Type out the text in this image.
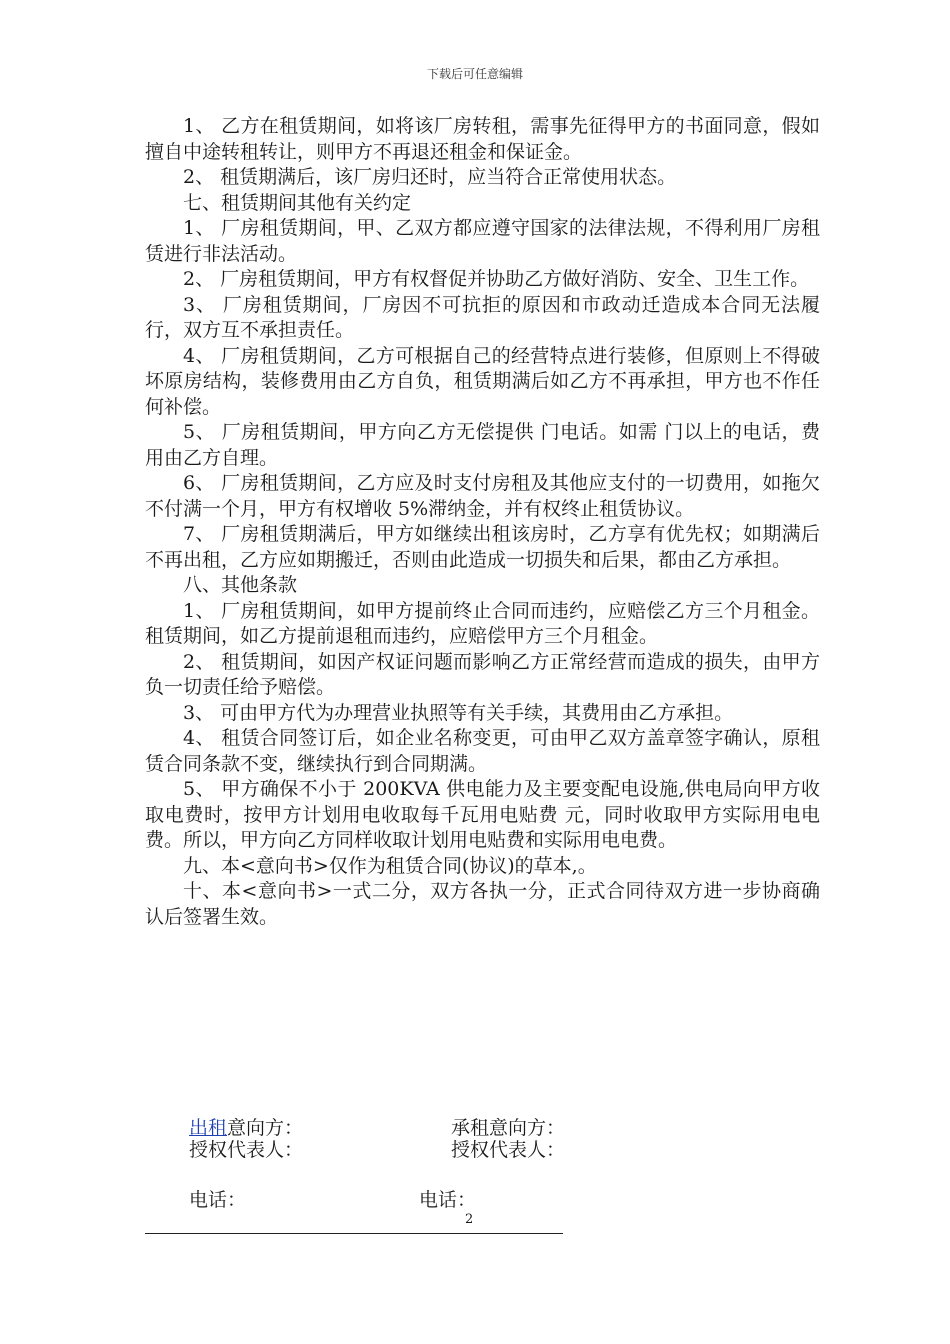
下载后可任意编辑

1、 乙方在租赁期间，如将该厂房转租，需事先征得甲方的书面同意，假如擅自中途转租转让，则甲方不再退还租金和保证金。

2、 租赁期满后，该厂房归还时，应当符合正常使用状态。

七、租赁期间其他有关约定

1、 厂房租赁期间，甲、乙双方都应遵守国家的法律法规，不得利用厂房租赁进行非法活动。

2、 厂房租赁期间，甲方有权督促并协助乙方做好消防、安全、卫生工作。

3、 厂房租赁期间，厂房因不可抗拒的原因和市政动迁造成本合同无法履行，双方互不承担责任。

4、 厂房租赁期间，乙方可根据自己的经营特点进行装修，但原则上不得破坏原房结构，装修费用由乙方自负，租赁期满后如乙方不再承担，甲方也不作任何补偿。

5、 厂房租赁期间，甲方向乙方无偿提供 门电话。如需 门以上的电话，费用由乙方自理。

6、 厂房租赁期间，乙方应及时支付房租及其他应支付的一切费用，如拖欠不付满一个月，甲方有权增收 5%滞纳金，并有权终止租赁协议。

7、 厂房租赁期满后，甲方如继续出租该房时，乙方享有优先权；如期满后不再出租，乙方应如期搬迁，否则由此造成一切损失和后果，都由乙方承担。

八、其他条款

1、 厂房租赁期间，如甲方提前终止合同而违约，应赔偿乙方三个月租金。租赁期间，如乙方提前退租而违约，应赔偿甲方三个月租金。

2、 租赁期间，如因产权证问题而影响乙方正常经营而造成的损失，由甲方负一切责任给予赔偿。

3、 可由甲方代为办理营业执照等有关手续，其费用由乙方承担。

4、 租赁合同签订后，如企业名称变更，可由甲乙双方盖章签字确认，原租赁合同条款不变，继续执行到合同期满。

5、 甲方确保不小于 200KVA 供电能力及主要变配电设施,供电局向甲方收取电费时，按甲方计划用电收取每千瓦用电贴费 元，同时收取甲方实际用电电费。所以，甲方向乙方同样收取计划用电贴费和实际用电电费。

九、本<意向书>仅作为租赁合同(协议)的草本,。

十、本<意向书>一式二分，双方各执一分，正式合同待双方进一步协商确认后签署生效。

出租意向方：	承租意向方：
授权代表人：	授权代表人：
电话：	电话：
2
